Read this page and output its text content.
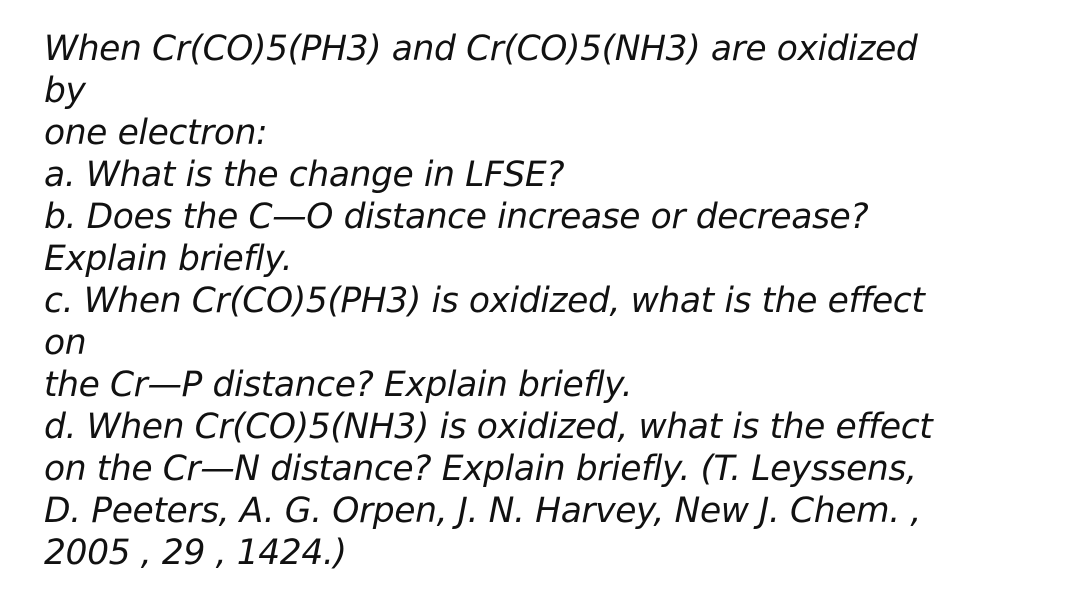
When Cr(CO)5(PH3) and Cr(CO)5(NH3) are oxidized
by
one electron:
a. What is the change in LFSE?
b. Does the C—O distance increase or decrease?
Explain briefly.
c. When Cr(CO)5(PH3) is oxidized, what is the effect
on
the Cr—P distance? Explain briefly.
d. When Cr(CO)5(NH3) is oxidized, what is the effect
on the Cr—N distance? Explain briefly. (T. Leyssens,
D. Peeters, A. G. Orpen, J. N. Harvey, New J. Chem. ,
2005 , 29 , 1424.)
